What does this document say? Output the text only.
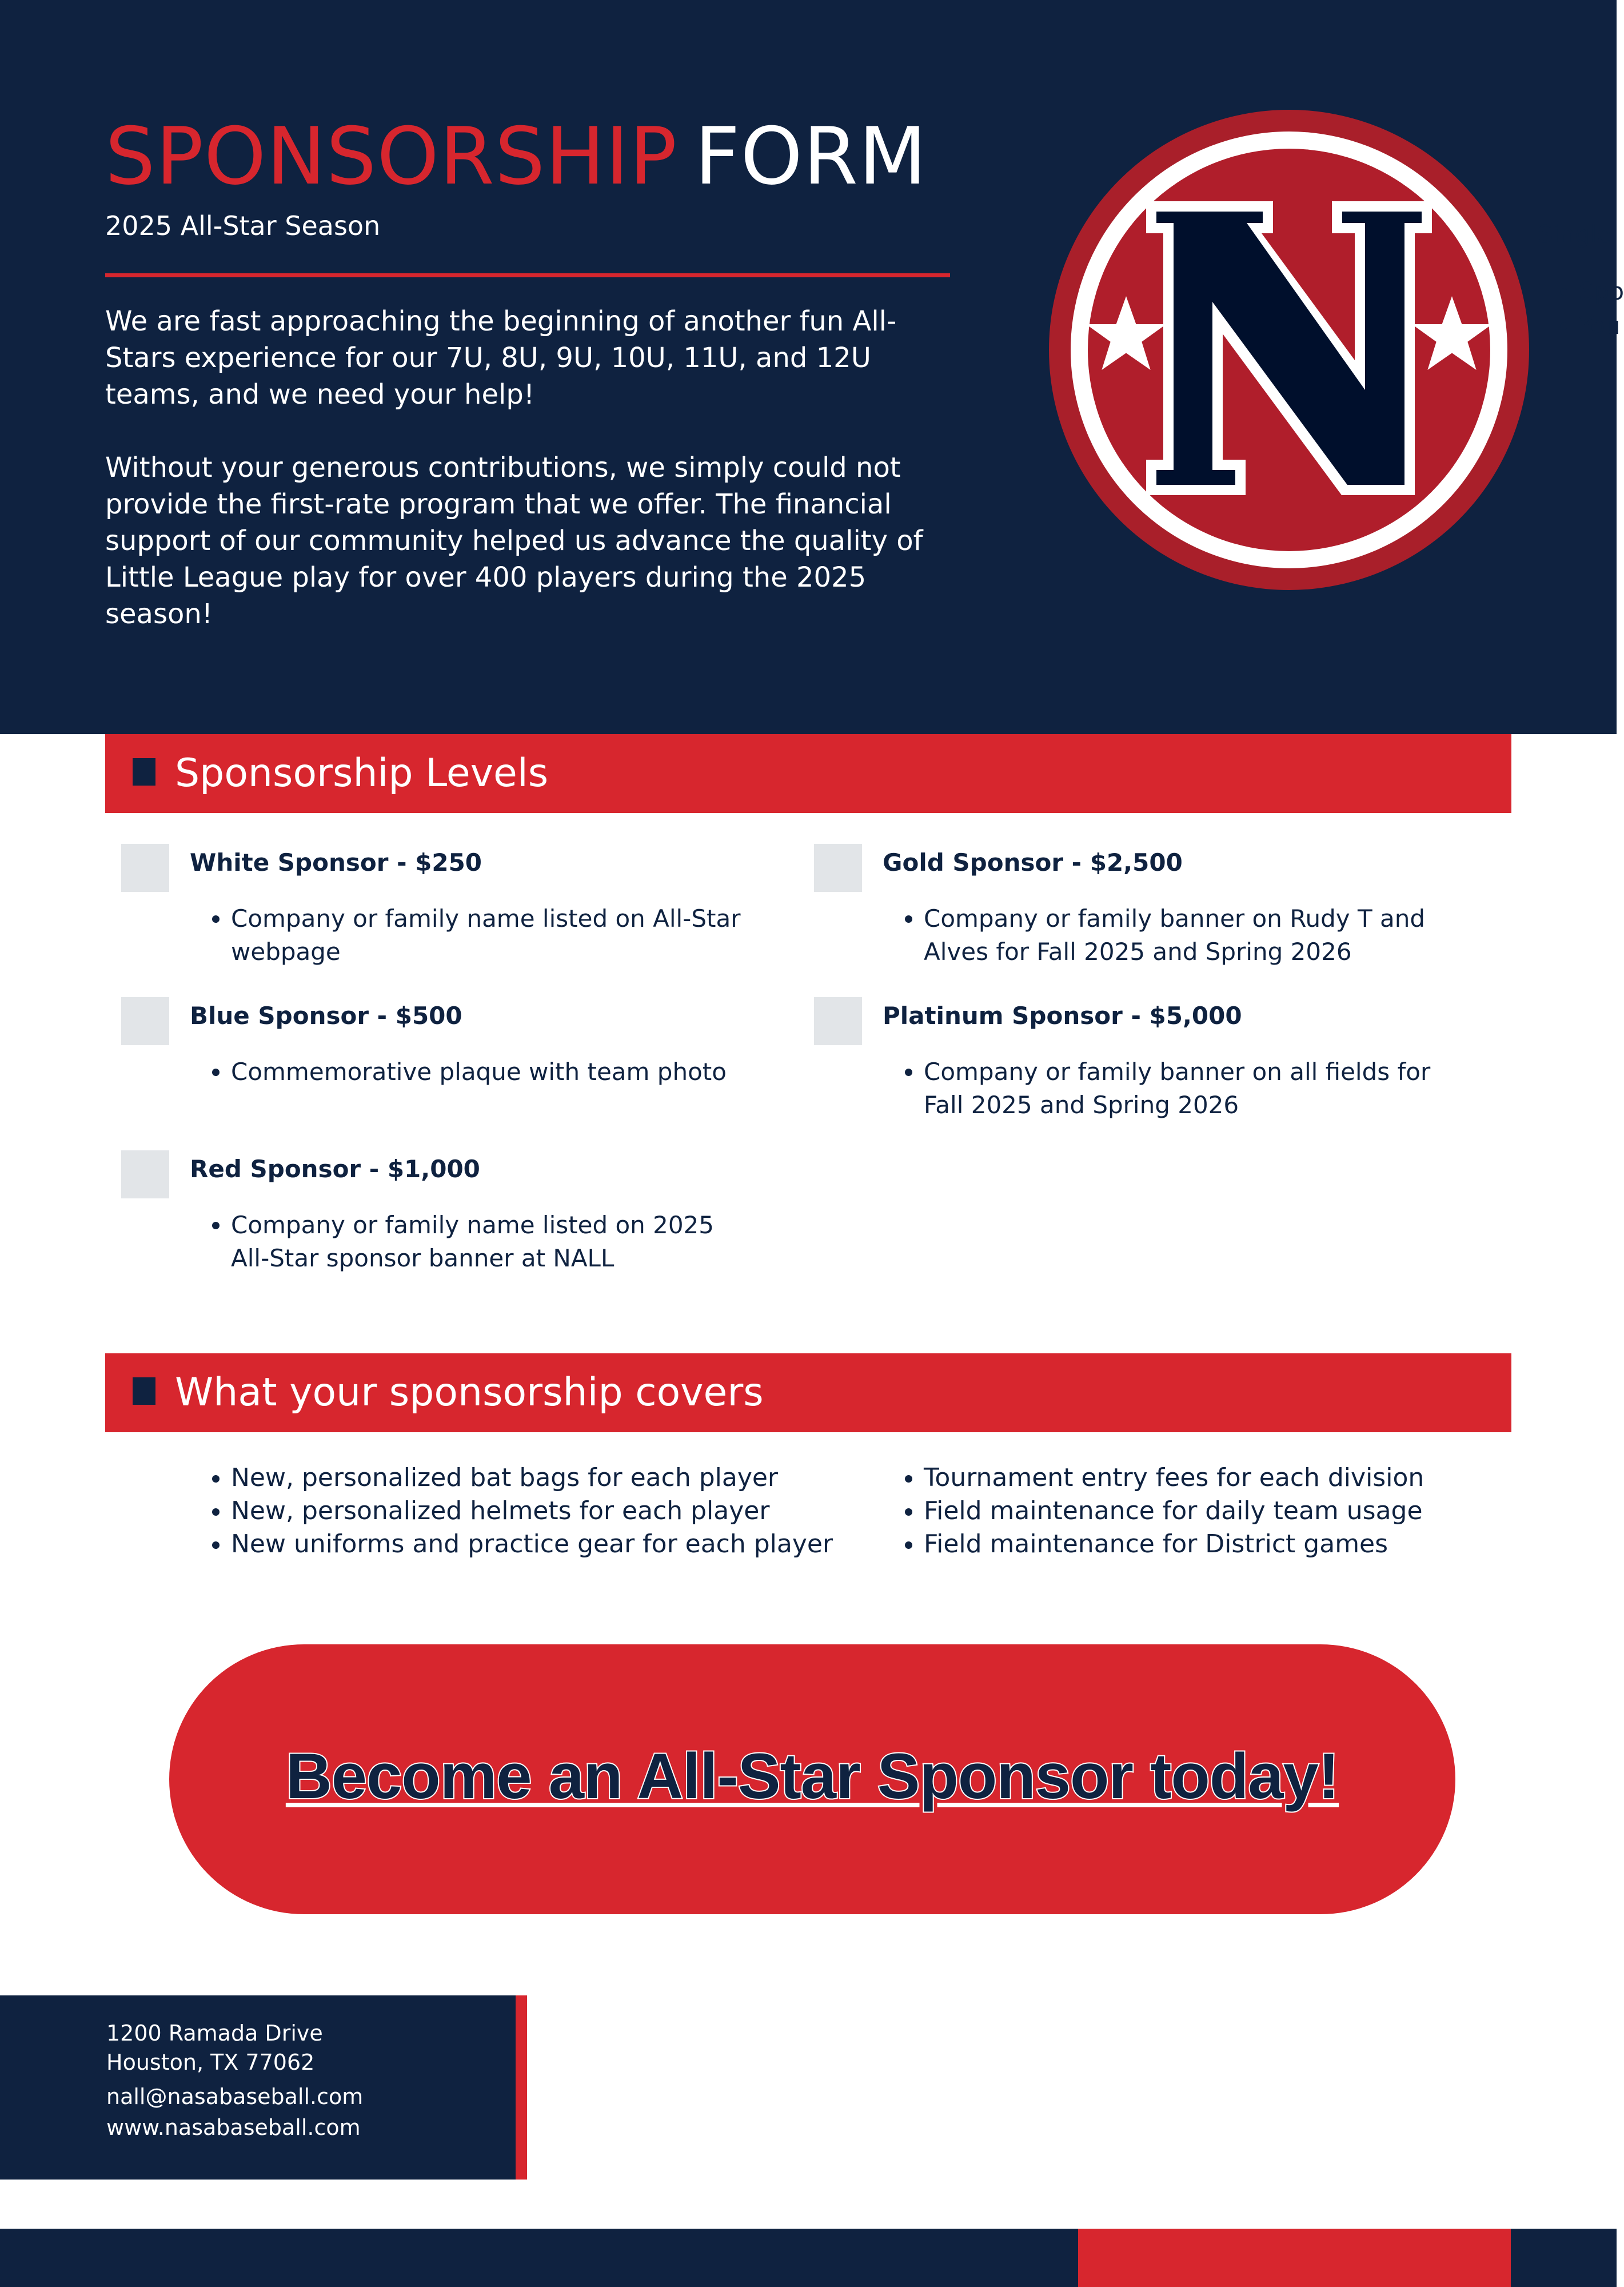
SPONSORSHIP FORM
2025 All-Star Season

We are fast approaching the beginning of another fun All-Stars experience for our 7U, 8U, 9U, 10U, 11U, and 12U teams, and we need your help!

Without your generous contributions, we simply could not provide the first-rate program that we offer. The financial support of our community helped us advance the quality of Little League play for over 400 players during the 2025 season!

Single
• Spo
• You
Sponsorship Levels
White Sponsor - $250
• Company or family name listed on All-Star webpage
Gold Sponsor - $2,500
• Company or family banner on Rudy T and Alves for Fall 2025 and Spring 2026
Blue Sponsor - $500
• Commemorative plaque with team photo
Platinum Sponsor - $5,000
• Company or family banner on all fields for Fall 2025 and Spring 2026
Red Sponsor - $1,000
• Company or family name listed on 2025 All-Star sponsor banner at NALL
What your sponsorship covers
• New, personalized bat bags for each player
• New, personalized helmets for each player
• New uniforms and practice gear for each player
• Tournament entry fees for each division
• Field maintenance for daily team usage
• Field maintenance for District games
Become an All-Star Sponsor today!
1200 Ramada Drive
Houston, TX 77062
nall@nasabaseball.com
www.nasabaseball.com
